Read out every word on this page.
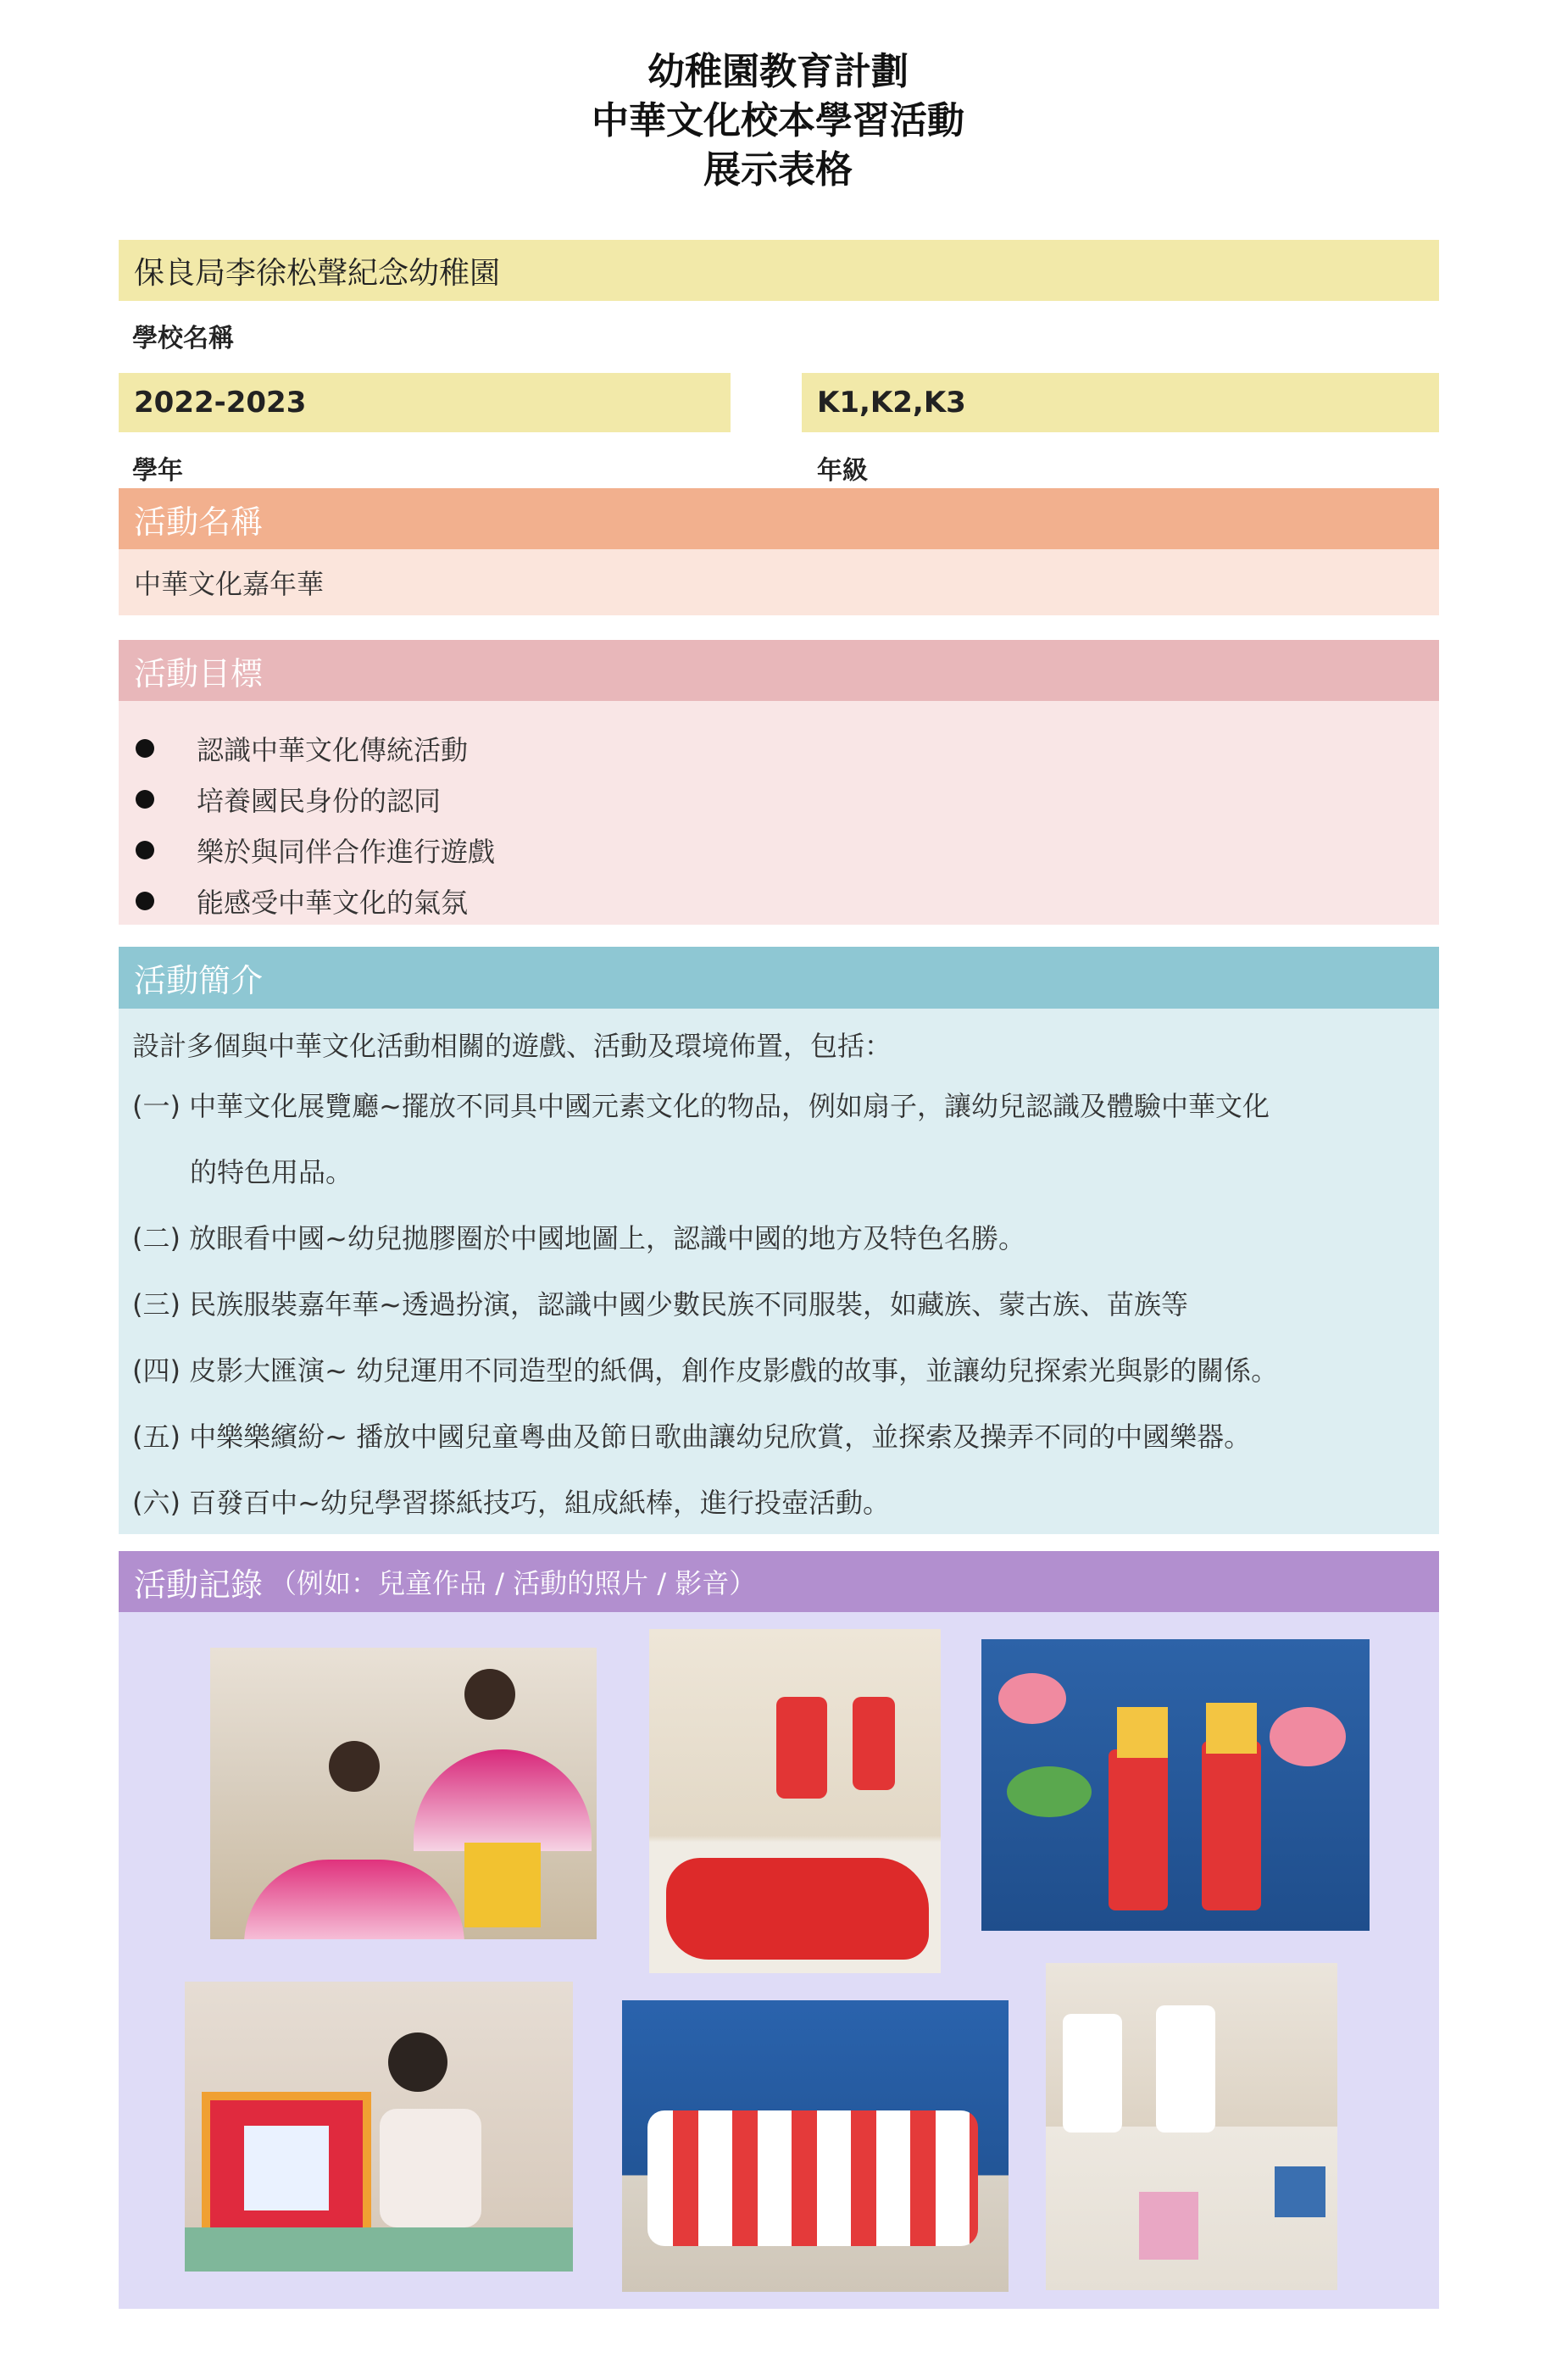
幼稚園教育計劃
中華文化校本學習活動
展示表格
保良局李徐松聲紀念幼稚園
學校名稱
2022-2023
學年
K1,K2,K3
年級
活動名稱
中華文化嘉年華
活動目標
認識中華文化傳統活動
培養國民身份的認同
樂於與同伴合作進行遊戲
能感受中華文化的氣氛
活動簡介
設計多個與中華文化活動相關的遊戲、活動及環境佈置，包括：
(一) 中華文化展覽廳~擺放不同具中國元素文化的物品，例如扇子，讓幼兒認識及體驗中華文化
的特色用品。
(二) 放眼看中國~幼兒拋膠圈於中國地圖上，認識中國的地方及特色名勝。
(三) 民族服裝嘉年華~透過扮演，認識中國少數民族不同服裝，如藏族、蒙古族、苗族等
(四) 皮影大匯演~ 幼兒運用不同造型的紙偶，創作皮影戲的故事，並讓幼兒探索光與影的關係。
(五) 中樂樂繽紛~ 播放中國兒童粵曲及節日歌曲讓幼兒欣賞，並探索及操弄不同的中國樂器。
(六) 百發百中~幼兒學習搽紙技巧，組成紙棒，進行投壺活動。
活動記錄 （例如：兒童作品 / 活動的照片 / 影音）
